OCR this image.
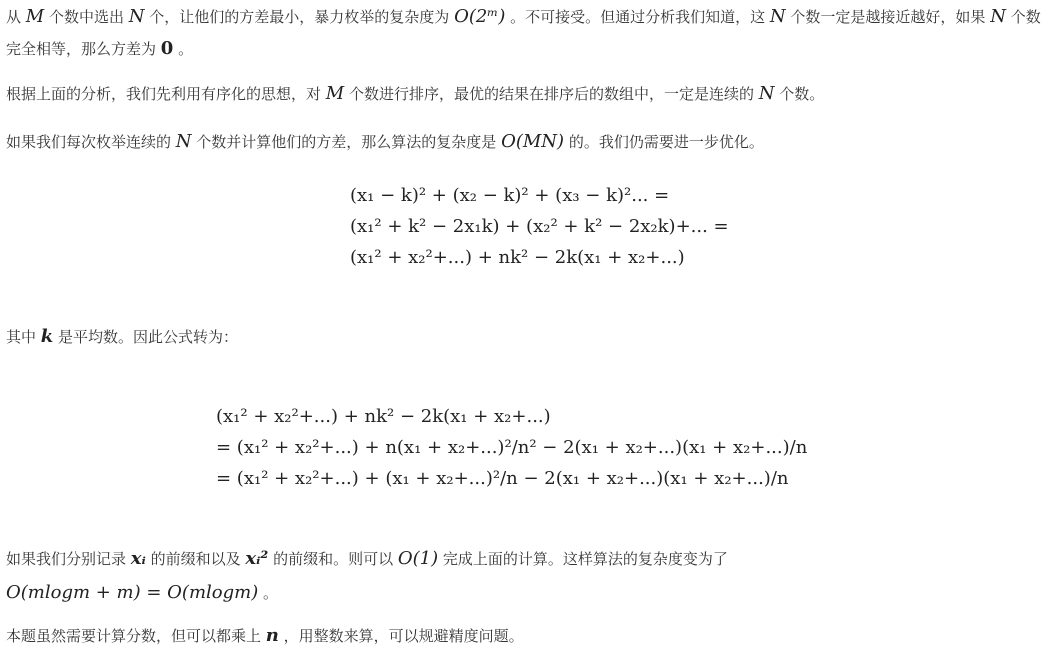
从 M 个数中选出 N 个，让他们的方差最小，暴力枚举的复杂度为 O(2ᵐ) 。不可接受。但通过分析我们知道，这 N 个数一定是越接近越好，如果 N 个数完全相等，那么方差为 0 。

根据上面的分析，我们先利用有序化的思想，对 M 个数进行排序，最优的结果在排序后的数组中，一定是连续的 N 个数。

如果我们每次枚举连续的 N 个数并计算他们的方差，那么算法的复杂度是 O(MN) 的。我们仍需要进一步优化。

(x₁ − k)² + (x₂ − k)² + (x₃ − k)²... =
(x₁² + k² − 2x₁k) + (x₂² + k² − 2x₂k)+... =
(x₁² + x₂²+...) + nk² − 2k(x₁ + x₂+...)

其中 k 是平均数。因此公式转为：

(x₁² + x₂²+...) + nk² − 2k(x₁ + x₂+...)
= (x₁² + x₂²+...) + n(x₁ + x₂+...)²/n² − 2(x₁ + x₂+...)(x₁ + x₂+...)/n
= (x₁² + x₂²+...) + (x₁ + x₂+...)²/n − 2(x₁ + x₂+...)(x₁ + x₂+...)/n

如果我们分别记录 xᵢ 的前缀和以及 xᵢ² 的前缀和。则可以 O(1) 完成上面的计算。这样算法的复杂度变为了
O(mlogm + m) = O(mlogm) 。

本题虽然需要计算分数，但可以都乘上 n ，用整数来算，可以规避精度问题。
